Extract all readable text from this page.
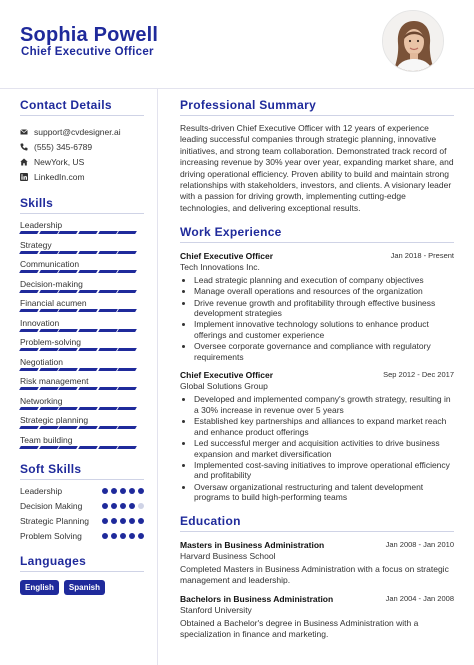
Sophia Powell
Chief Executive Officer
Contact Details
support@cvdesigner.ai
(555) 345-6789
NewYork, US
LinkedIn.com
Skills
Leadership
Strategy
Communication
Decision-making
Financial acumen
Innovation
Problem-solving
Negotiation
Risk management
Networking
Strategic planning
Team building
Soft Skills
Leadership
Decision Making
Strategic Planning
Problem Solving
Languages
English	Spanish
Professional Summary

Results-driven Chief Executive Officer with 12 years of experience leading successful companies through strategic planning, innovative initiatives, and strong team collaboration. Demonstrated track record of increasing revenue by 30% year over year, expanding market share, and driving operational efficiency. Proven ability to build and maintain strong relationships with stakeholders, investors, and clients. A visionary leader with a passion for driving growth, implementing cutting-edge technologies, and delivering exceptional results.

Work Experience
Chief Executive Officer	Jan 2018 - Present
Tech Innovations Inc.
• Lead strategic planning and execution of company objectives
• Manage overall operations and resources of the organization
• Drive revenue growth and profitability through effective business development strategies
• Implement innovative technology solutions to enhance product offerings and customer experience
• Oversee corporate governance and compliance with regulatory requirements
Chief Executive Officer	Sep 2012 - Dec 2017
Global Solutions Group
• Developed and implemented company's growth strategy, resulting in a 30% increase in revenue over 5 years
• Established key partnerships and alliances to expand market reach and enhance product offerings
• Led successful merger and acquisition activities to drive business expansion and market diversification
• Implemented cost-saving initiatives to improve operational efficiency and profitability
• Oversaw organizational restructuring and talent development programs to build high-performing teams
Education
Masters in Business Administration	Jan 2008 - Jan 2010
Harvard Business School
Completed Masters in Business Administration with a focus on strategic management and leadership.
Bachelors in Business Administration	Jan 2004 - Jan 2008
Stanford University
Obtained a Bachelor's degree in Business Administration with a specialization in finance and marketing.
